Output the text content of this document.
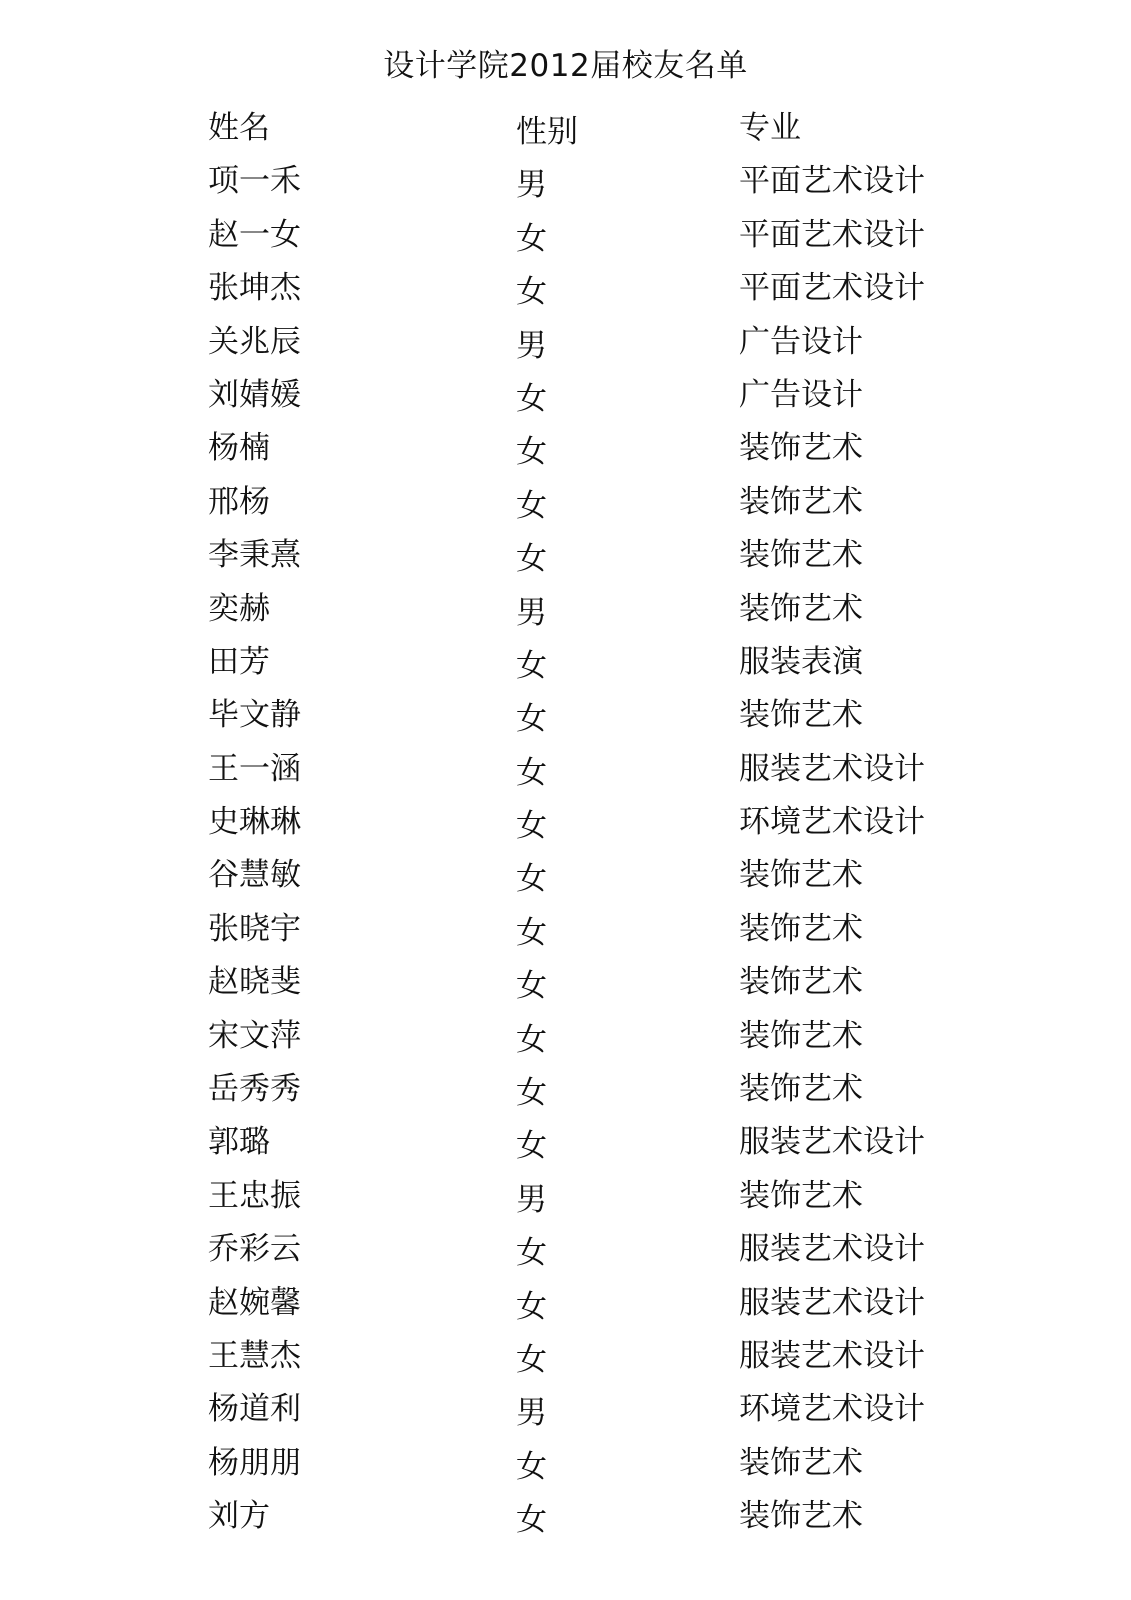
设计学院2012届校友名单
姓名	性别	专业
项一禾	男	平面艺术设计
赵一女	女	平面艺术设计
张坤杰	女	平面艺术设计
关兆辰	男	广告设计
刘婧媛	女	广告设计
杨楠	女	装饰艺术
邢杨	女	装饰艺术
李秉熹	女	装饰艺术
奕赫	男	装饰艺术
田芳	女	服装表演
毕文静	女	装饰艺术
王一涵	女	服装艺术设计
史琳琳	女	环境艺术设计
谷慧敏	女	装饰艺术
张晓宇	女	装饰艺术
赵晓斐	女	装饰艺术
宋文萍	女	装饰艺术
岳秀秀	女	装饰艺术
郭璐	女	服装艺术设计
王忠振	男	装饰艺术
乔彩云	女	服装艺术设计
赵婉馨	女	服装艺术设计
王慧杰	女	服装艺术设计
杨道利	男	环境艺术设计
杨朋朋	女	装饰艺术
刘方	女	装饰艺术
